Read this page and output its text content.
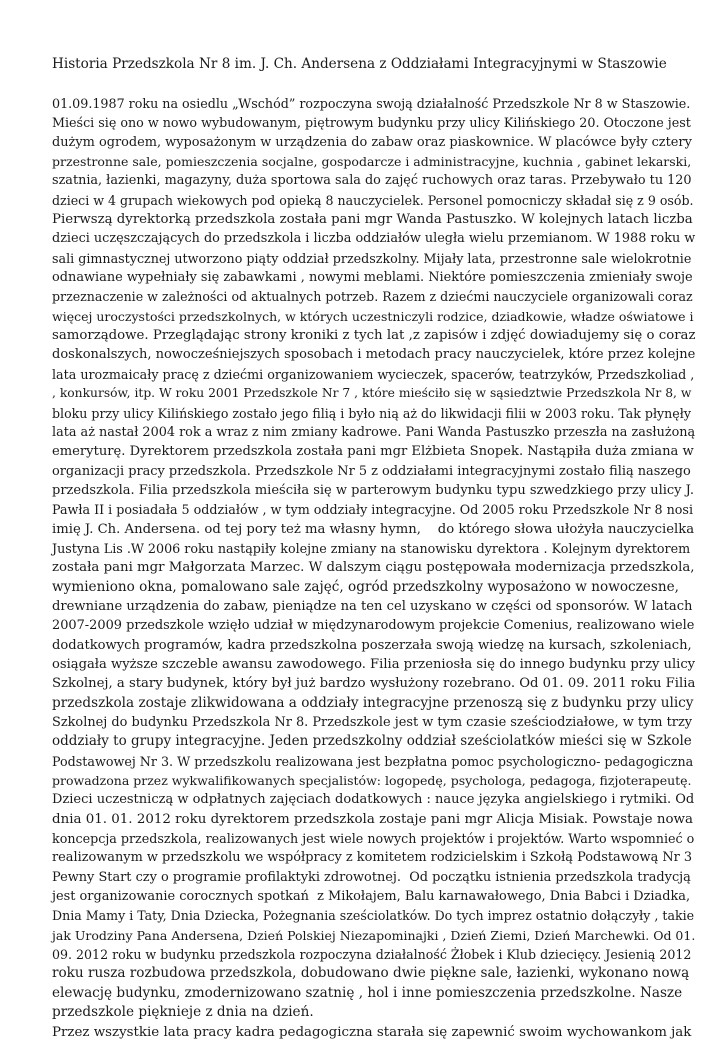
Historia Przedszkola Nr 8 im. J. Ch. Andersena z Oddziałami Integracyjnymi w Staszowie
01.09.1987 roku na osiedlu „Wschód” rozpoczyna swoją działalność Przedszkole Nr 8 w Staszowie.
Mieści się ono w nowo wybudowanym, piętrowym budynku przy ulicy Kilińskiego 20. Otoczone jest
dużym ogrodem, wyposażonym w urządzenia do zabaw oraz piaskownice. W placówce były cztery
przestronne sale, pomieszczenia socjalne, gospodarcze i administracyjne, kuchnia , gabinet lekarski,
szatnia, łazienki, magazyny, duża sportowa sala do zajęć ruchowych oraz taras. Przebywało tu 120
dzieci w 4 grupach wiekowych pod opieką 8 nauczycielek. Personel pomocniczy składał się z 9 osób.
Pierwszą dyrektorką przedszkola została pani mgr Wanda Pastuszko. W kolejnych latach liczba
dzieci uczęszczających do przedszkola i liczba oddziałów uległa wielu przemianom. W 1988 roku w
sali gimnastycznej utworzono piąty oddział przedszkolny. Mijały lata, przestronne sale wielokrotnie
odnawiane wypełniały się zabawkami , nowymi meblami. Niektóre pomieszczenia zmieniały swoje
przeznaczenie w zależności od aktualnych potrzeb. Razem z dziećmi nauczyciele organizowali coraz
więcej uroczystości przedszkolnych, w których uczestniczyli rodzice, dziadkowie, władze oświatowe i
samorządowe. Przeglądając strony kroniki z tych lat ,z zapisów i zdjęć dowiadujemy się o coraz
doskonalszych, nowocześniejszych sposobach i metodach pracy nauczycielek, które przez kolejne
lata urozmaicały pracę z dziećmi organizowaniem wycieczek, spacerów, teatrzyków, Przedszkoliad ,
, konkursów, itp. W roku 2001 Przedszkole Nr 7 , które mieściło się w sąsiedztwie Przedszkola Nr 8, w
bloku przy ulicy Kilińskiego zostało jego filią i było nią aż do likwidacji filii w 2003 roku. Tak płynęły
lata aż nastał 2004 rok a wraz z nim zmiany kadrowe. Pani Wanda Pastuszko przeszła na zasłużoną
emeryturę. Dyrektorem przedszkola została pani mgr Elżbieta Snopek. Nastąpiła duża zmiana w
organizacji pracy przedszkola. Przedszkole Nr 5 z oddziałami integracyjnymi zostało filią naszego
przedszkola. Filia przedszkola mieściła się w parterowym budynku typu szwedzkiego przy ulicy J.
Pawła II i posiadała 5 oddziałów , w tym oddziały integracyjne. Od 2005 roku Przedszkole Nr 8 nosi
imię J. Ch. Andersena. od tej pory też ma własny hymn,    do którego słowa ułożyła nauczycielka
Justyna Lis .W 2006 roku nastąpiły kolejne zmiany na stanowisku dyrektora . Kolejnym dyrektorem
została pani mgr Małgorzata Marzec. W dalszym ciągu postępowała modernizacja przedszkola,
wymieniono okna, pomalowano sale zajęć, ogród przedszkolny wyposażono w nowoczesne,
drewniane urządzenia do zabaw, pieniądze na ten cel uzyskano w części od sponsorów. W latach
2007-2009 przedszkole wzięło udział w międzynarodowym projekcie Comenius, realizowano wiele
dodatkowych programów, kadra przedszkolna poszerzała swoją wiedzę na kursach, szkoleniach,
osiągała wyższe szczeble awansu zawodowego. Filia przeniosła się do innego budynku przy ulicy
Szkolnej, a stary budynek, który był już bardzo wysłużony rozebrano. Od 01. 09. 2011 roku Filia
przedszkola zostaje zlikwidowana a oddziały integracyjne przenoszą się z budynku przy ulicy
Szkolnej do budynku Przedszkola Nr 8. Przedszkole jest w tym czasie sześciodziałowe, w tym trzy
oddziały to grupy integracyjne. Jeden przedszkolny oddział sześciolatków mieści się w Szkole
Podstawowej Nr 3. W przedszkolu realizowana jest bezpłatna pomoc psychologiczno- pedagogiczna
prowadzona przez wykwalifikowanych specjalistów: logopedę, psychologa, pedagoga, fizjoterapeutę.
Dzieci uczestniczą w odpłatnych zajęciach dodatkowych : nauce języka angielskiego i rytmiki. Od
dnia 01. 01. 2012 roku dyrektorem przedszkola zostaje pani mgr Alicja Misiak. Powstaje nowa
koncepcja przedszkola, realizowanych jest wiele nowych projektów i projektów. Warto wspomnieć o
realizowanym w przedszkolu we współpracy z komitetem rodzicielskim i Szkołą Podstawową Nr 3
Pewny Start czy o programie profilaktyki zdrowotnej.  Od początku istnienia przedszkola tradycją
jest organizowanie corocznych spotkań  z Mikołajem, Balu karnawałowego, Dnia Babci i Dziadka,
Dnia Mamy i Taty, Dnia Dziecka, Pożegnania sześciolatków. Do tych imprez ostatnio dołączyły , takie
jak Urodziny Pana Andersena, Dzień Polskiej Niezapominajki , Dzień Ziemi, Dzień Marchewki. Od 01.
09. 2012 roku w budynku przedszkola rozpoczyna działalność Żłobek i Klub dziecięcy. Jesienią 2012
roku rusza rozbudowa przedszkola, dobudowano dwie piękne sale, łazienki, wykonano nową
elewację budynku, zmodernizowano szatnię , hol i inne pomieszczenia przedszkolne. Nasze
przedszkole pięknieje z dnia na dzień.
Przez wszystkie lata pracy kadra pedagogiczna starała się zapewnić swoim wychowankom jak
